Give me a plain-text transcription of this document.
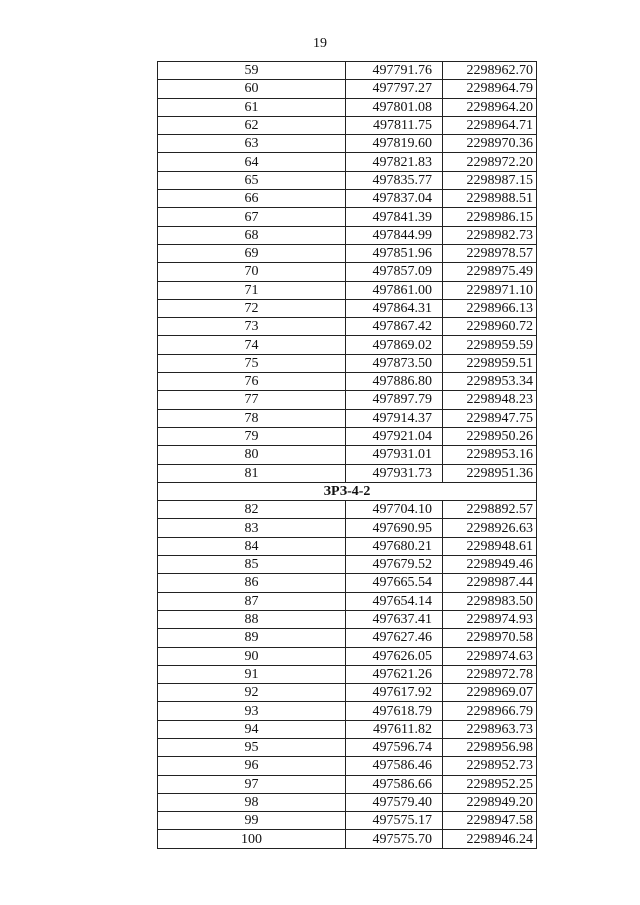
19
59	497791.76	2298962.70
60	497797.27	2298964.79
61	497801.08	2298964.20
62	497811.75	2298964.71
63	497819.60	2298970.36
64	497821.83	2298972.20
65	497835.77	2298987.15
66	497837.04	2298988.51
67	497841.39	2298986.15
68	497844.99	2298982.73
69	497851.96	2298978.57
70	497857.09	2298975.49
71	497861.00	2298971.10
72	497864.31	2298966.13
73	497867.42	2298960.72
74	497869.02	2298959.59
75	497873.50	2298959.51
76	497886.80	2298953.34
77	497897.79	2298948.23
78	497914.37	2298947.75
79	497921.04	2298950.26
80	497931.01	2298953.16
81	497931.73	2298951.36
ЗРЗ-4-2		
82	497704.10	2298892.57
83	497690.95	2298926.63
84	497680.21	2298948.61
85	497679.52	2298949.46
86	497665.54	2298987.44
87	497654.14	2298983.50
88	497637.41	2298974.93
89	497627.46	2298970.58
90	497626.05	2298974.63
91	497621.26	2298972.78
92	497617.92	2298969.07
93	497618.79	2298966.79
94	497611.82	2298963.73
95	497596.74	2298956.98
96	497586.46	2298952.73
97	497586.66	2298952.25
98	497579.40	2298949.20
99	497575.17	2298947.58
100	497575.70	2298946.24
